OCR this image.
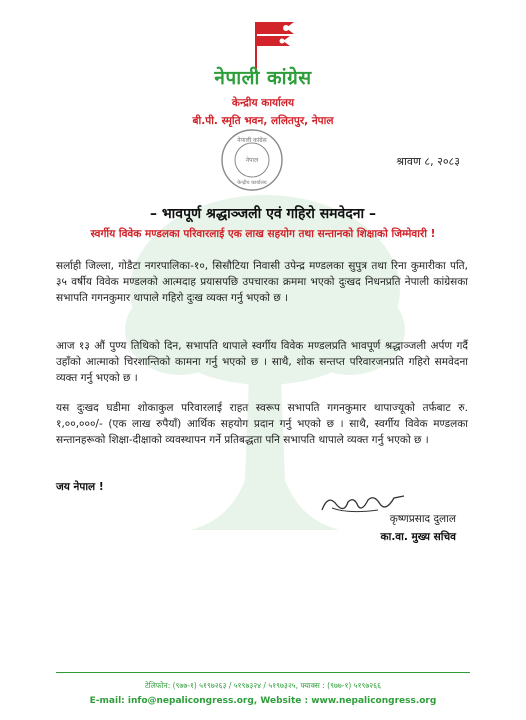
नेपाली कांग्रेस
केन्द्रीय कार्यालय
बी.पी. स्मृति भवन, ललितपुर, नेपाल
नेपाली कांग्रेस
नेपाल
केन्द्रीय कार्यालय
श्रावण ८, २०८३
– भावपूर्ण श्रद्धाञ्जली एवं गहिरो समवेदना –
स्वर्गीय विवेक मण्डलका परिवारलाई एक लाख सहयोग तथा सन्तानको शिक्षाको जिम्मेवारी !

सर्लाही जिल्ला, गोडैटा नगरपालिका-१०, सिसौटिया निवासी उपेन्द्र मण्डलका सुपुत्र तथा रिना कुमारीका पति, ३५ वर्षीय विवेक मण्डलको आत्मदाह प्रयासपछि उपचारका क्रममा भएको दुःखद निधनप्रति नेपाली कांग्रेसका सभापति गगनकुमार थापाले गहिरो दुःख व्यक्त गर्नु भएको छ ।

आज १३ औं पुण्य तिथिको दिन, सभापति थापाले स्वर्गीय विवेक मण्डलप्रति भावपूर्ण श्रद्धाञ्जली अर्पण गर्दै उहाँको आत्माको चिरशान्तिको कामना गर्नु भएको छ । साथै, शोक सन्तप्त परिवारजनप्रति गहिरो समवेदना व्यक्त गर्नु भएको छ ।

यस दुःखद घडीमा शोकाकुल परिवारलाई राहत स्वरूप सभापति गगनकुमार थापाज्यूको तर्फबाट रु. १,००,०००/- (एक लाख रुपैयाँ) आर्थिक सहयोग प्रदान गर्नु भएको छ । साथै, स्वर्गीय विवेक मण्डलका सन्तानहरूको शिक्षा-दीक्षाको व्यवस्थापन गर्ने प्रतिबद्धता पनि सभापति थापाले व्यक्त गर्नु भएको छ ।

जय नेपाल !
कृष्णप्रसाद दुलाल
का.वा. मुख्य सचिव
टेलिफोन: (९७७-१) ५१९७२६३ / ५१९७३२४ / ५१९७३२५, फ्याक्स : (९७७-१) ५१९७२६६
E-mail: info@nepalicongress.org, Website : www.nepalicongress.org
